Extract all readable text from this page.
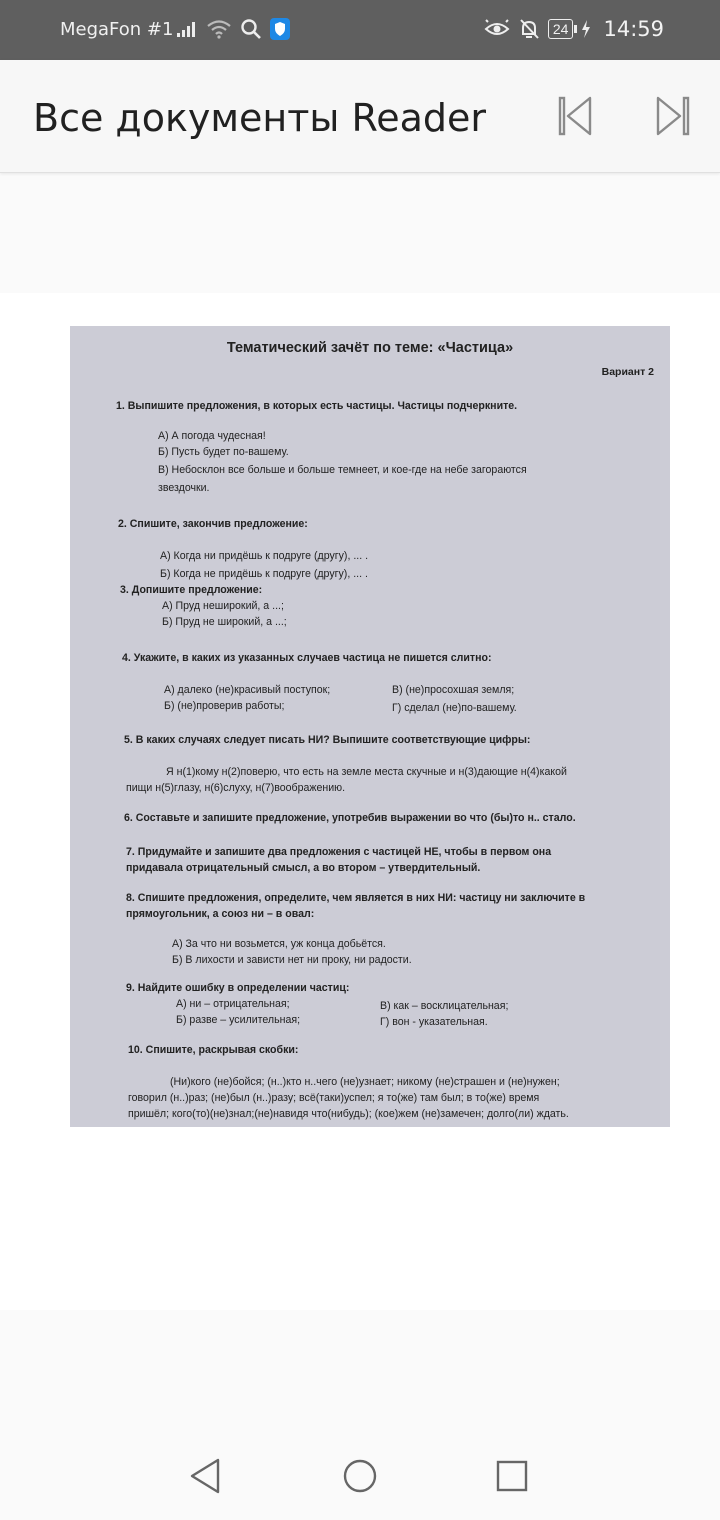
MegaFon #1	24 14:59
Все документы Reader
Тематический зачёт по теме: «Частица»
Вариант 2
1. Выпишите предложения, в которых есть частицы. Частицы подчеркните.
А) А погода чудесная!
Б) Пусть будет по-вашему.
В) Небосклон все больше и больше темнеет, и кое-где на небе загораются
звездочки.
2. Спишите, закончив предложение:
А) Когда ни придёшь к подруге (другу), ... .
Б) Когда не придёшь к подруге (другу), ... .
3. Допишите предложение:
А) Пруд неширокий, а ...;
Б) Пруд не широкий, а ...;
4. Укажите, в каких из указанных случаев частица не пишется слитно:
А) далеко (не)красивый поступок;	В) (не)просохшая земля;
Б) (не)проверив работы;	Г) сделал (не)по-вашему.
5. В каких случаях следует писать НИ? Выпишите соответствующие цифры:
Я н(1)кому н(2)поверю, что есть на земле места скучные и н(3)дающие н(4)какой
пищи н(5)глазу, н(6)слуху, н(7)воображению.
6. Составьте и запишите предложение, употребив выражении во что (бы)то н.. стало.
7. Придумайте и запишите два предложения с частицей НЕ, чтобы в первом она
придавала отрицательный смысл, а во втором – утвердительный.
8. Спишите предложения, определите, чем является в них НИ: частицу ни заключите в
прямоугольник, а союз ни – в овал:
А) За что ни возьмется, уж конца добьётся.
Б) В лихости и зависти нет ни проку, ни радости.
9. Найдите ошибку в определении частиц:
А) ни – отрицательная;	В) как – восклицательная;
Б) разве – усилительная;	Г) вон - указательная.
10. Спишите, раскрывая скобки:
(Ни)кого (не)бойся; (н..)кто н..чего (не)узнает; никому (не)страшен и (не)нужен;
говорил (н..)раз; (не)был (н..)разу; всё(таки)успел; я то(же) там был; в то(же) время
пришёл; кого(то)(не)знал;(не)навидя что(нибудь); (кое)жем (не)замечен; долго(ли) ждать.
